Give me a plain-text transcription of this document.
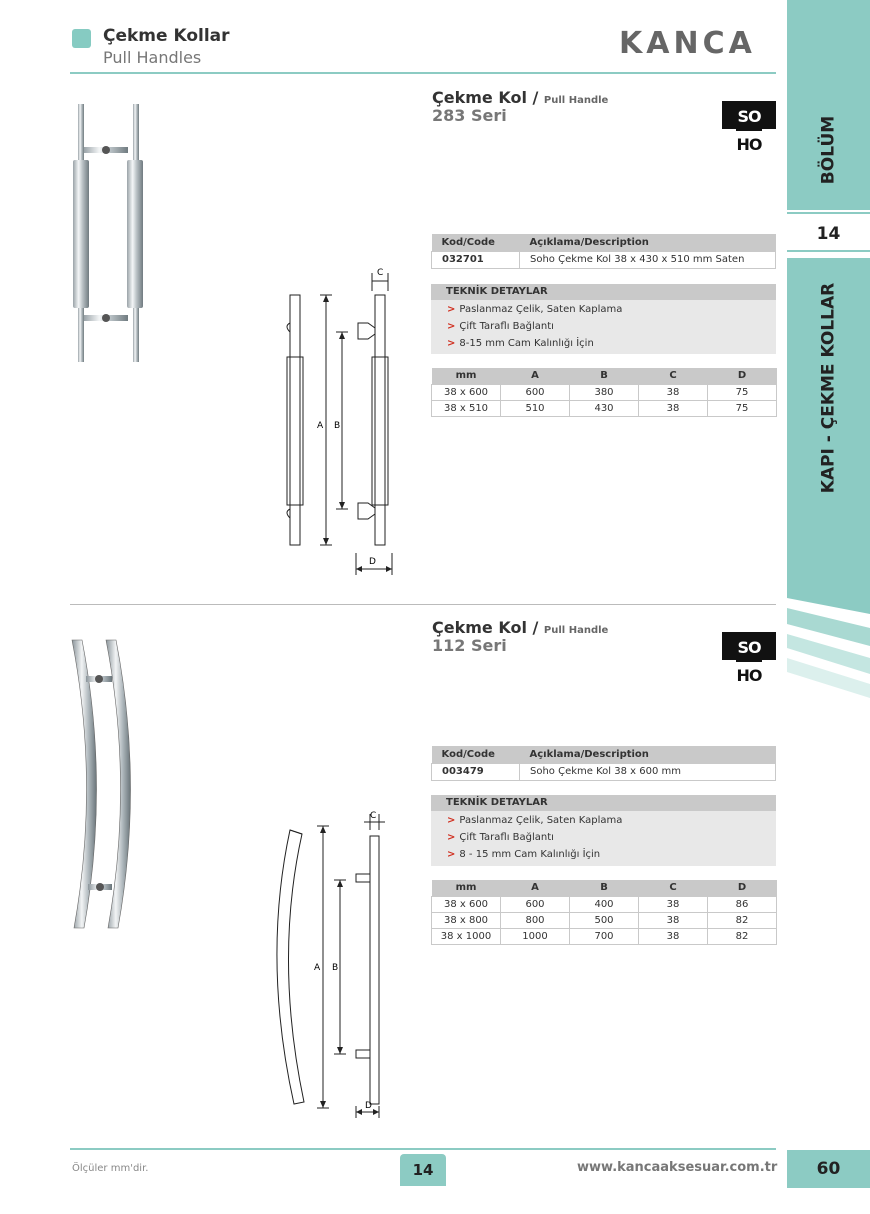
Çekme Kollar
Pull Handles	KANCA
BÖLÜM
14
KAPI - ÇEKME KOLLAR
A B
C
D
Çekme Kol / Pull Handle
283 Seri	SOHO
Kod/Code	Açıklama/Description
032701	Soho Çekme Kol 38 x 430 x 510 mm Saten
TEKNİK DETAYLAR
> Paslanmaz Çelik, Saten Kaplama
> Çift Taraflı Bağlantı
> 8-15 mm Cam Kalınlığı İçin
mm	A	B	C	D
38 x 600	600	380	38	75
38 x 510	510	430	38	75
A B
C
D
Çekme Kol / Pull Handle
112 Seri	SOHO
Kod/Code	Açıklama/Description
003479	Soho Çekme Kol 38 x 600 mm
TEKNİK DETAYLAR
> Paslanmaz Çelik, Saten Kaplama
> Çift Taraflı Bağlantı
> 8 - 15 mm Cam Kalınlığı İçin
mm	A	B	C	D
38 x 600	600	400	38	86
38 x 800	800	500	38	82
38 x 1000	1000	700	38	82
Ölçüler mm'dir.	14	www.kancaaksesuar.com.tr	60
